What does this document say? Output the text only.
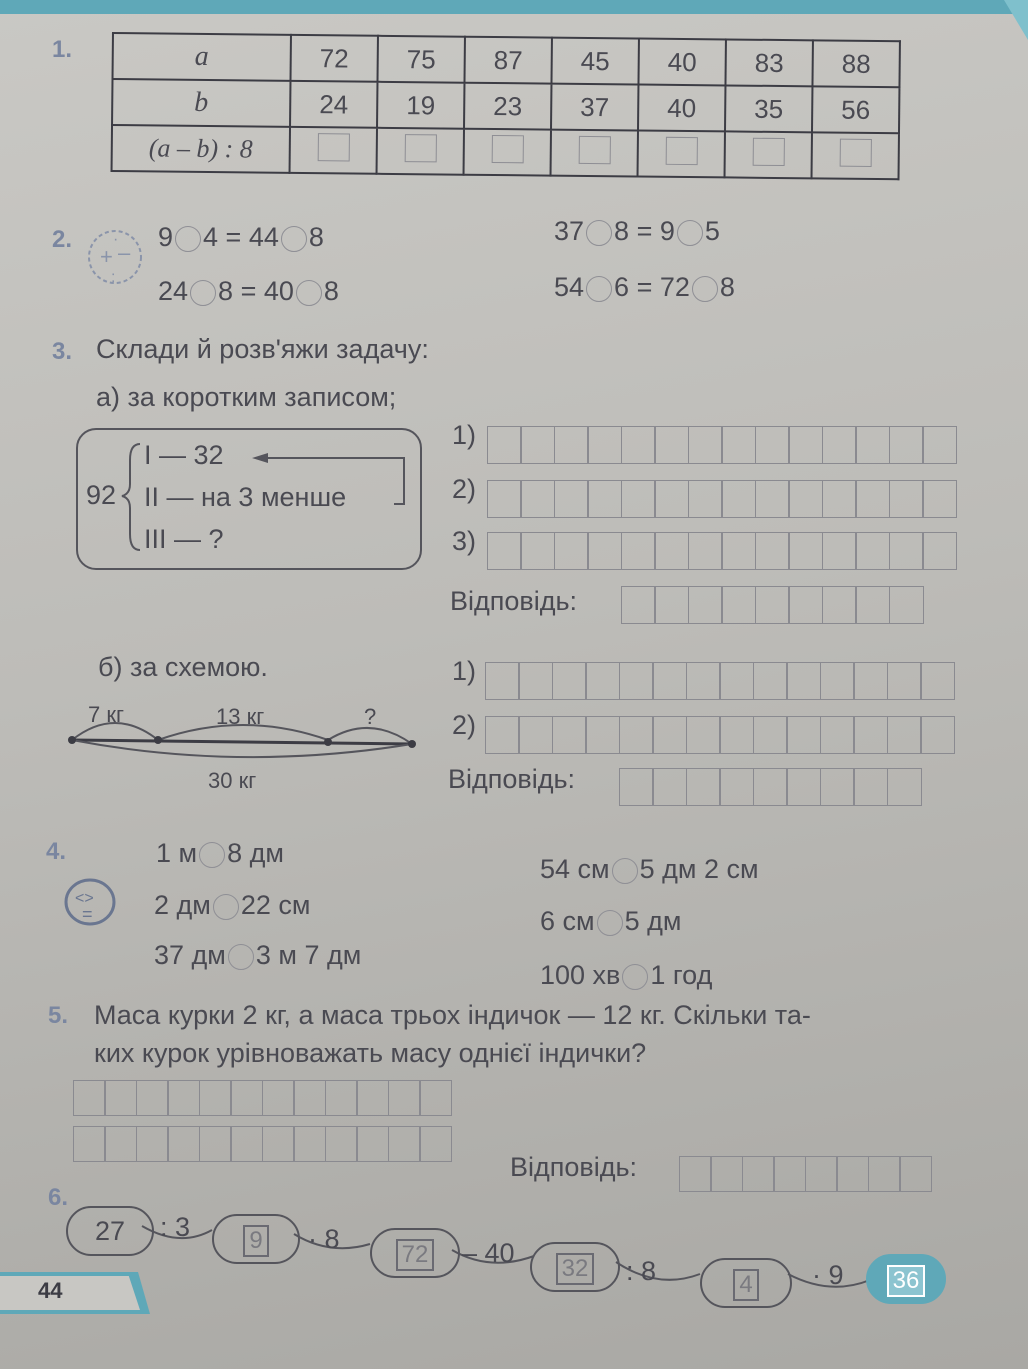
1.	a	72	75	87	45	40	83	88
b	24	19	23	37	40	35	56
(a – b) : 8							
2.
+ –
·
:
9 4 = 44 8
24 8 = 40 8
37 8 = 9 5
54 6 = 72 8
3. Склади й розв'яжи задачу:
а) за коротким записом;
92
I — 32
II — на 3 менше
III — ?
1)
2)
3)
Відповідь:
б) за схемою.
7 кг	13 кг	?
30 кг
1)
2)
Відповідь:
4.
<>
=
1 м 8 дм
2 дм 22 см
37 дм 3 м 7 дм
54 см 5 дм 2 см
6 см 5 дм
100 хв 1 год
5. Маса курки 2 кг, а маса трьох індичок — 12 кг. Скільки та-
ких курок урівноважать масу однієї індички?
Відповідь:
6.
27	: 3	9	· 8
72	– 40
32	: 8	4	· 9	36
44
